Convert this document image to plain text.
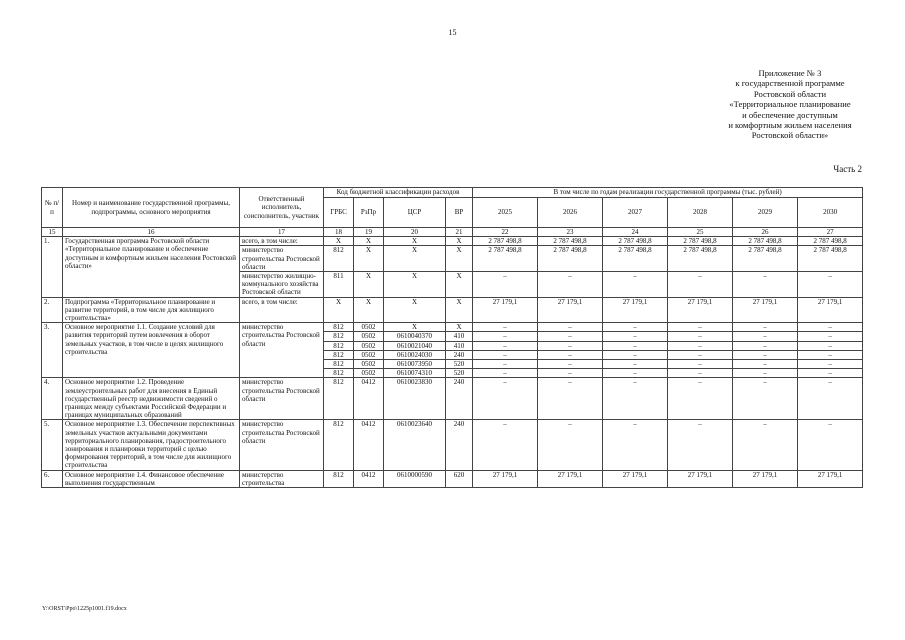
15
Приложение № 3
к государственной программе
Ростовской области
«Территориальное планирование
и обеспечение доступным
и комфортным жильем населения
Ростовской области»
Часть 2
№ п/п	Номер и наименование государственной программы, подпрограммы, основного мероприятия	Ответственный исполнитель, соисполнитель, участник	Код бюджетной классификации расходов				В том числе по годам реализации государственной программы (тыс. рублей)					
			ГРБС	РзПр	ЦСР	ВР	2025	2026	2027	2028	2029	2030
15	16	17	18	19	20	21	22	23	24	25	26	27
1.	Государственная программа Ростовской области «Территориальное планирование и обеспечение доступным и комфортным жильем населения Ростовской области»	всего, в том числе:	Х	Х	Х	Х	2 787 498,8	2 787 498,8	2 787 498,8	2 787 498,8	2 787 498,8	2 787 498,8
		министерство строительства Ростовской области	812	Х	Х	Х	2 787 498,8	2 787 498,8	2 787 498,8	2 787 498,8	2 787 498,8	2 787 498,8
		министерство жилищно-коммунального хозяйства Ростовской области	811	Х	Х	Х	–	–	–	–	–	–
2.	Подпрограмма «Территориальное планирование и развитие территорий, в том числе для жилищного строительства»	всего, в том числе:	Х	Х	Х	Х	27 179,1	27 179,1	27 179,1	27 179,1	27 179,1	27 179,1
3.	Основное мероприятие 1.1. Создание условий для развития территорий путем вовлечения в оборот земельных участков, в том числе в целях жилищного строительства	министерство строительства Ростовской области	812	0502	Х	Х	–	–	–	–	–	–
			812	0502	0610040370	410	–	–	–	–	–	–
			812	0502	0610021040	410	–	–	–	–	–	–
			812	0502	0610024030	240	–	–	–	–	–	–
			812	0502	0610073950	520	–	–	–	–	–	–
			812	0502	0610074310	520	–	–	–	–	–	–
4.	Основное мероприятие 1.2. Проведение землеустроительных работ для внесения в Единый государственный реестр недвижимости сведений о границах между субъектами Российской Федерации и границах муниципальных образований	министерство строительства Ростовской области	812	0412	0610023830	240	–	–	–	–	–	–
5.	Основное мероприятие 1.3. Обеспечение перспективных земельных участков актуальными документами территориального планирования, градостроительного зонирования и планировки территорий с целью формирования территорий, в том числе для жилищного строительства	министерство строительства Ростовской области	812	0412	0610023640	240	–	–	–	–	–	–
6.	Основное мероприятие 1.4. Финансовое обеспечение выполнения государственным	министерство строительства	812	0412	0610000590	620	27 179,1	27 179,1	27 179,1	27 179,1	27 179,1	27 179,1
Y:\ORST\Ppo\1225p1001.f19.docx
